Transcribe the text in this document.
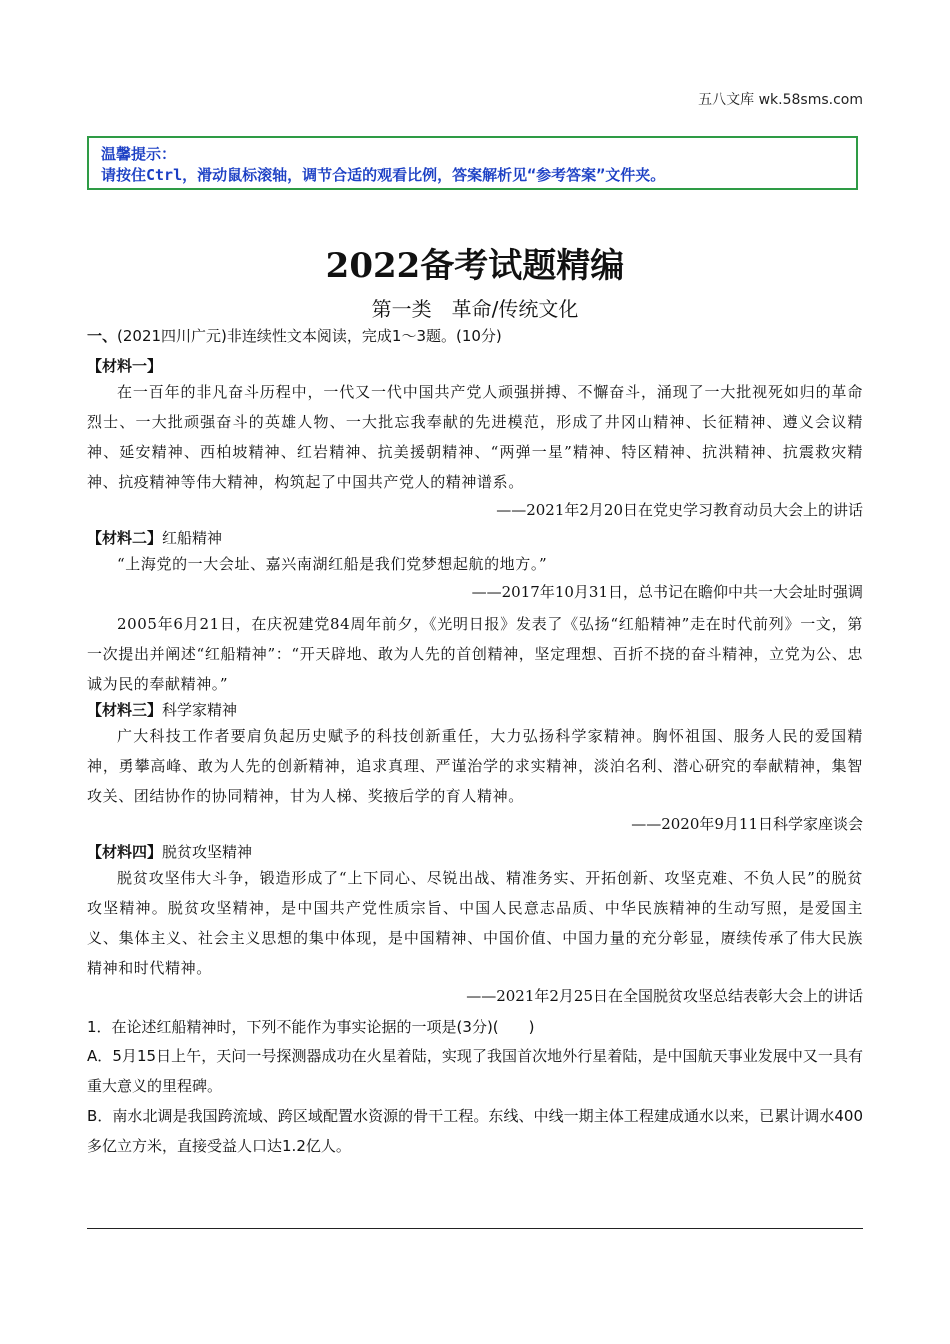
五八文库 wk.58sms.com
温馨提示：
请按住Ctrl，滑动鼠标滚轴，调节合适的观看比例，答案解析见“参考答案”文件夹。
2022备考试题精编
第一类　革命/传统文化
一、(2021四川广元)非连续性文本阅读，完成1～3题。(10分)
【材料一】

在一百年的非凡奋斗历程中，一代又一代中国共产党人顽强拼搏、不懈奋斗，涌现了一大批视死如归的革命烈士、一大批顽强奋斗的英雄人物、一大批忘我奉献的先进模范，形成了井冈山精神、长征精神、遵义会议精神、延安精神、西柏坡精神、红岩精神、抗美援朝精神、“两弹一星”精神、特区精神、抗洪精神、抗震救灾精神、抗疫精神等伟大精神，构筑起了中国共产党人的精神谱系。

——2021年2月20日在党史学习教育动员大会上的讲话

【材料二】红船精神

“上海党的一大会址、嘉兴南湖红船是我们党梦想起航的地方。”

——2017年10月31日，总书记在瞻仰中共一大会址时强调

2005年6月21日，在庆祝建党84周年前夕，《光明日报》发表了《弘扬“红船精神”走在时代前列》一文，第一次提出并阐述“红船精神”：“开天辟地、敢为人先的首创精神，坚定理想、百折不挠的奋斗精神，立党为公、忠诚为民的奉献精神。”

【材料三】科学家精神

广大科技工作者要肩负起历史赋予的科技创新重任，大力弘扬科学家精神。胸怀祖国、服务人民的爱国精神，勇攀高峰、敢为人先的创新精神，追求真理、严谨治学的求实精神，淡泊名利、潜心研究的奉献精神，集智攻关、团结协作的协同精神，甘为人梯、奖掖后学的育人精神。

——2020年9月11日科学家座谈会

【材料四】脱贫攻坚精神

脱贫攻坚伟大斗争，锻造形成了“上下同心、尽锐出战、精准务实、开拓创新、攻坚克难、不负人民”的脱贫攻坚精神。脱贫攻坚精神，是中国共产党性质宗旨、中国人民意志品质、中华民族精神的生动写照，是爱国主义、集体主义、社会主义思想的集中体现，是中国精神、中国价值、中国力量的充分彰显，赓续传承了伟大民族精神和时代精神。

——2021年2月25日在全国脱贫攻坚总结表彰大会上的讲话

1．在论述红船精神时，下列不能作为事实论据的一项是(3分)(　　)

A．5月15日上午，天问一号探测器成功在火星着陆，实现了我国首次地外行星着陆，是中国航天事业发展中又一具有重大意义的里程碑。

B．南水北调是我国跨流域、跨区域配置水资源的骨干工程。东线、中线一期主体工程建成通水以来，已累计调水400多亿立方米，直接受益人口达1.2亿人。
